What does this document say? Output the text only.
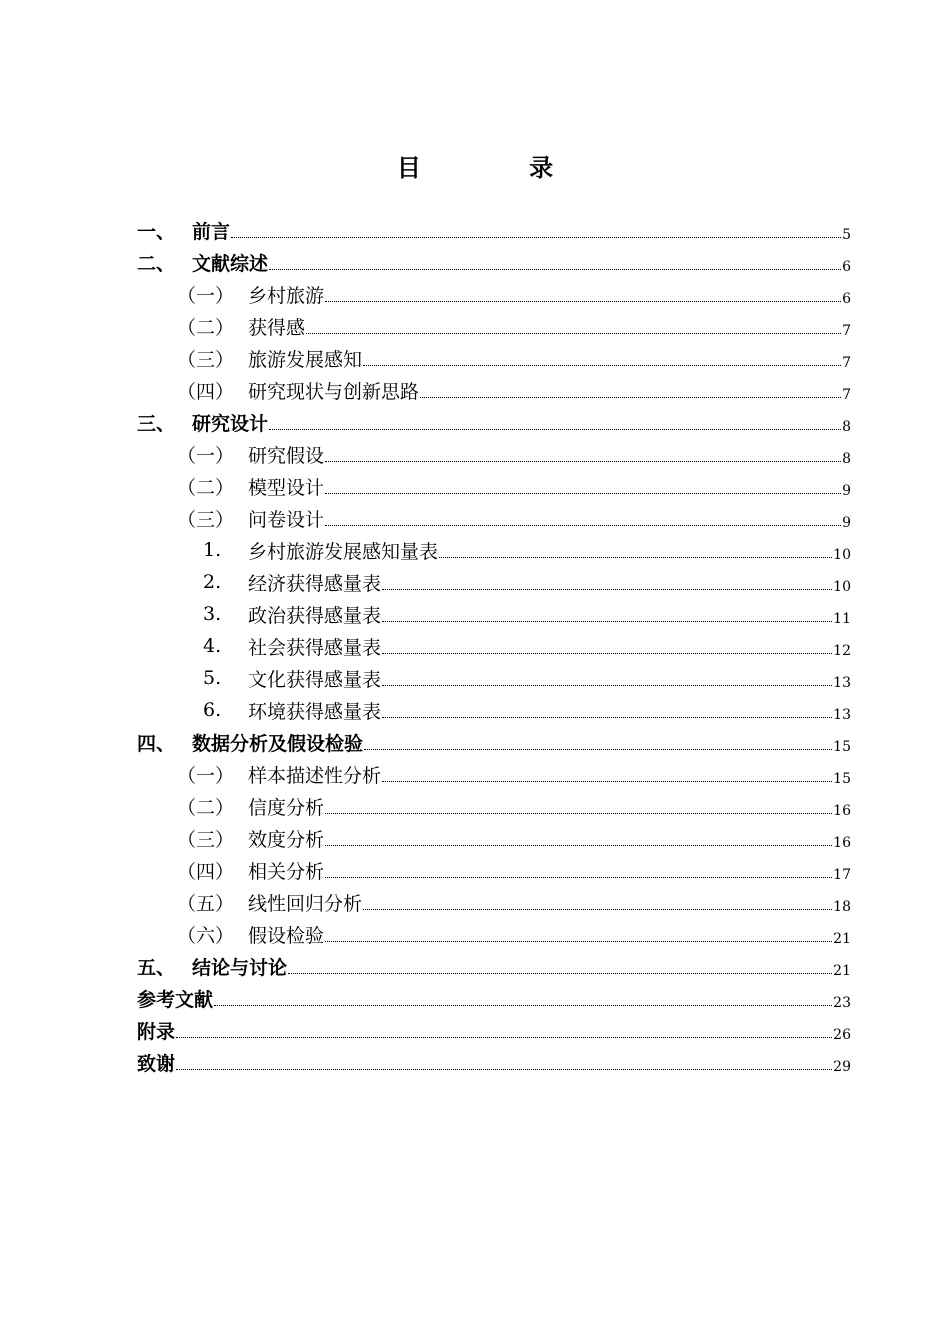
目 录
一、 前言	5
二、 文献综述	6
（一） 乡村旅游	6
（二） 获得感	7
（三） 旅游发展感知	7
（四） 研究现状与创新思路	7
三、 研究设计	8
（一） 研究假设	8
（二） 模型设计	9
（三） 问卷设计	9
1.	乡村旅游发展感知量表	10
2.	经济获得感量表	10
3.	政治获得感量表	11
4.	社会获得感量表	12
5.	文化获得感量表	13
6.	环境获得感量表	13
四、 数据分析及假设检验	15
（一） 样本描述性分析	15
（二） 信度分析	16
（三） 效度分析	16
（四） 相关分析	17
（五） 线性回归分析	18
（六） 假设检验	21
五、 结论与讨论	21
参考文献	23
附录	26
致谢	29
